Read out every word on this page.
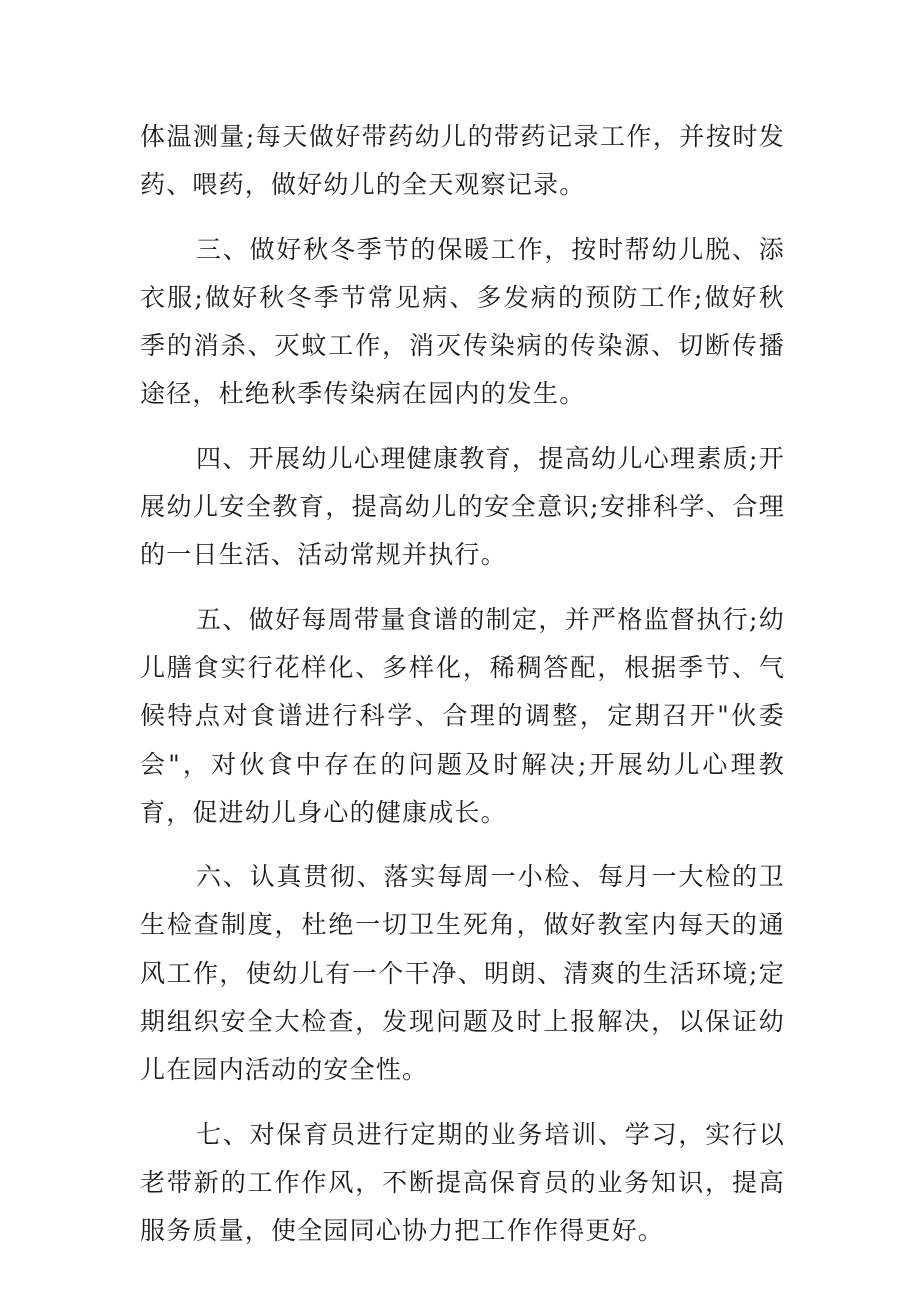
体温测量;每天做好带药幼儿的带药记录工作，并按时发药、喂药，做好幼儿的全天观察记录。

三、做好秋冬季节的保暖工作，按时帮幼儿脱、添衣服;做好秋冬季节常见病、多发病的预防工作;做好秋季的消杀、灭蚊工作，消灭传染病的传染源、切断传播途径，杜绝秋季传染病在园内的发生。

四、开展幼儿心理健康教育，提高幼儿心理素质;开展幼儿安全教育，提高幼儿的安全意识;安排科学、合理的一日生活、活动常规并执行。

五、做好每周带量食谱的制定，并严格监督执行;幼儿膳食实行花样化、多样化，稀稠答配，根据季节、气候特点对食谱进行科学、合理的调整，定期召开"伙委会"，对伙食中存在的问题及时解决;开展幼儿心理教育，促进幼儿身心的健康成长。

六、认真贯彻、落实每周一小检、每月一大检的卫生检查制度，杜绝一切卫生死角，做好教室内每天的通风工作，使幼儿有一个干净、明朗、清爽的生活环境;定期组织安全大检查，发现问题及时上报解决，以保证幼儿在园内活动的安全性。

七、对保育员进行定期的业务培训、学习，实行以老带新的工作作风，不断提高保育员的业务知识，提高服务质量，使全园同心协力把工作作得更好。
